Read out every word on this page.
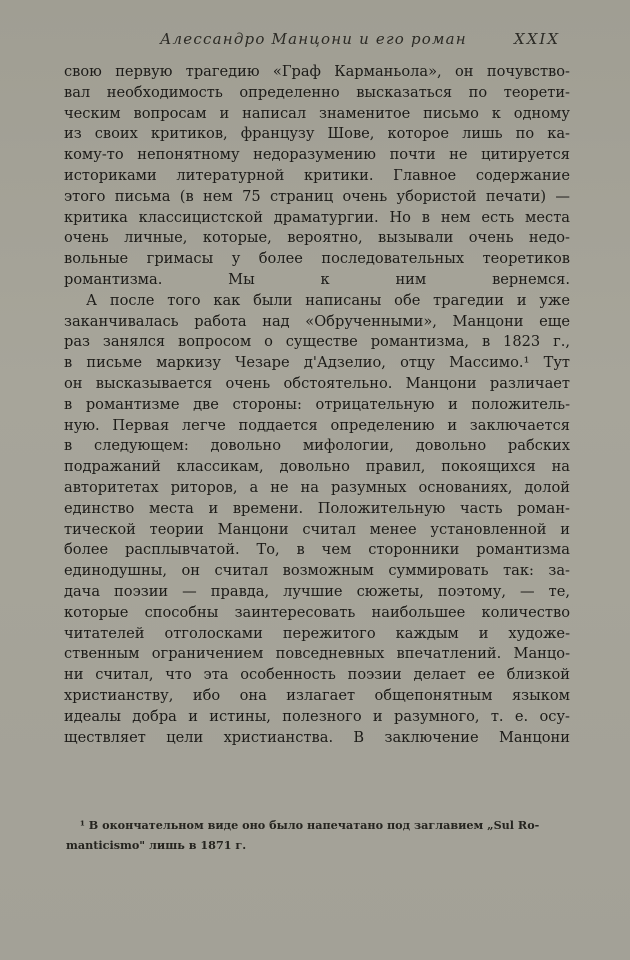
Алессандро Манцони и его роман	XXIX

свою первую трагедию «Граф Карманьола», он почувство-
вал необходимость определенно высказаться по теорети-
ческим вопросам и написал знаменитое письмо к одному
из своих критиков, французу Шове, которое лишь по ка-
кому-то непонятному недоразумению почти не цитируется
историками литературной критики. Главное содержание
этого письма (в нем 75 страниц очень убористой печати) —
критика классицистской драматургии. Но в нем есть места
очень личные, которые, вероятно, вызывали очень недо-
вольные гримасы у более последовательных теоретиков
романтизма. Мы к ним вернемся.

А после того как были написаны обе трагедии и уже
заканчивалась работа над «Обрученными», Манцони еще
раз занялся вопросом о существе романтизма, в 1823 г.,
в письме маркизу Чезаре д'Адзелио, отцу Массимо.¹ Тут
он высказывается очень обстоятельно. Манцони различает
в романтизме две стороны: отрицательную и положитель-
ную. Первая легче поддается определению и заключается
в следующем: довольно мифологии, довольно рабских
подражаний классикам, довольно правил, покоящихся на
авторитетах риторов, а не на разумных основаниях, долой
единство места и времени. Положительную часть роман-
тической теории Манцони считал менее установленной и
более расплывчатой. То, в чем сторонники романтизма
единодушны, он считал возможным суммировать так: за-
дача поэзии — правда, лучшие сюжеты, поэтому, — те,
которые способны заинтересовать наибольшее количество
читателей отголосками пережитого каждым и художе-
ственным ограничением повседневных впечатлений. Манцо-
ни считал, что эта особенность поэзии делает ее близкой
христианству, ибо она излагает общепонятным языком
идеалы добра и истины, полезного и разумного, т. е. осу-
ществляет цели христианства. В заключение Манцони

¹ В окончательном виде оно было напечатано под заглавием „Sul Ro-
manticismo" лишь в 1871 г.
